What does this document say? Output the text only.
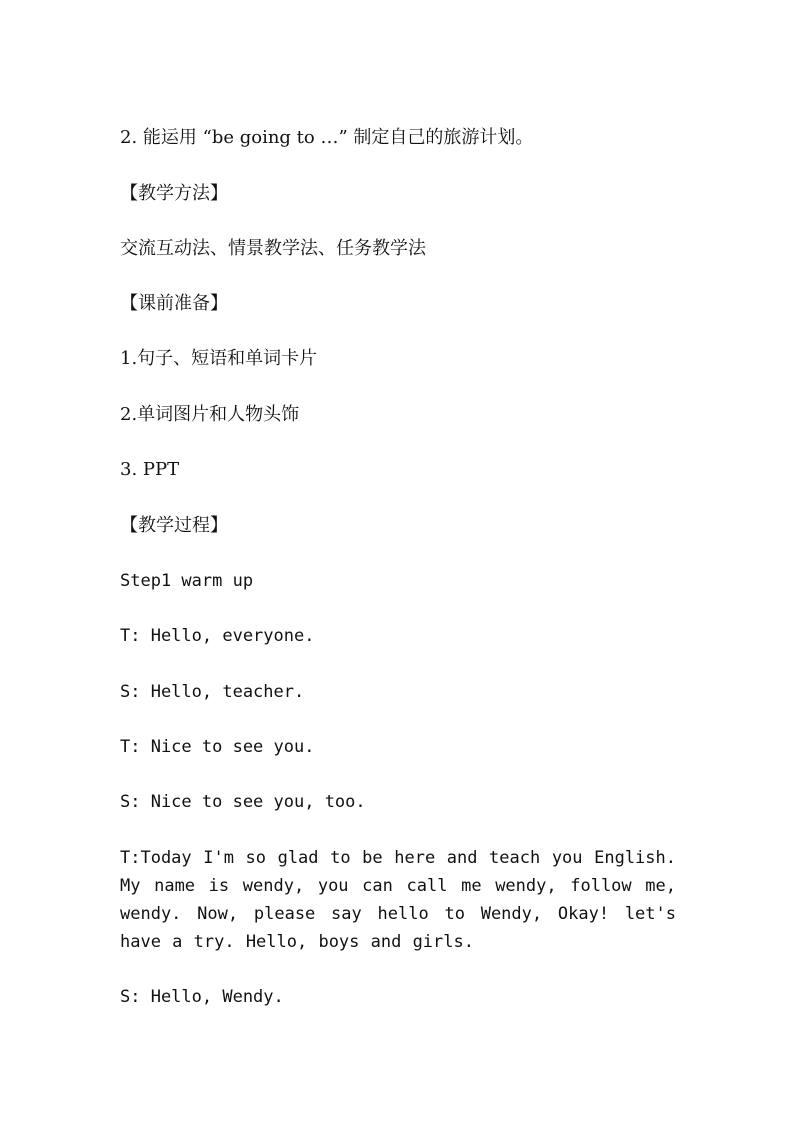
2. 能运用 “be going to …” 制定自己的旅游计划。

【教学方法】

交流互动法、情景教学法、任务教学法

【课前准备】

1.句子、短语和单词卡片

2.单词图片和人物头饰

3. PPT

【教学过程】

Step1 warm up

T: Hello, everyone.

S: Hello, teacher.

T: Nice to see you.

S: Nice to see you, too.

T:Today I'm so glad to be here and teach you English. My name is wendy, you can call me wendy, follow me, wendy. Now, please say hello to Wendy, Okay! let's have a try. Hello, boys and girls.

S: Hello, Wendy.
